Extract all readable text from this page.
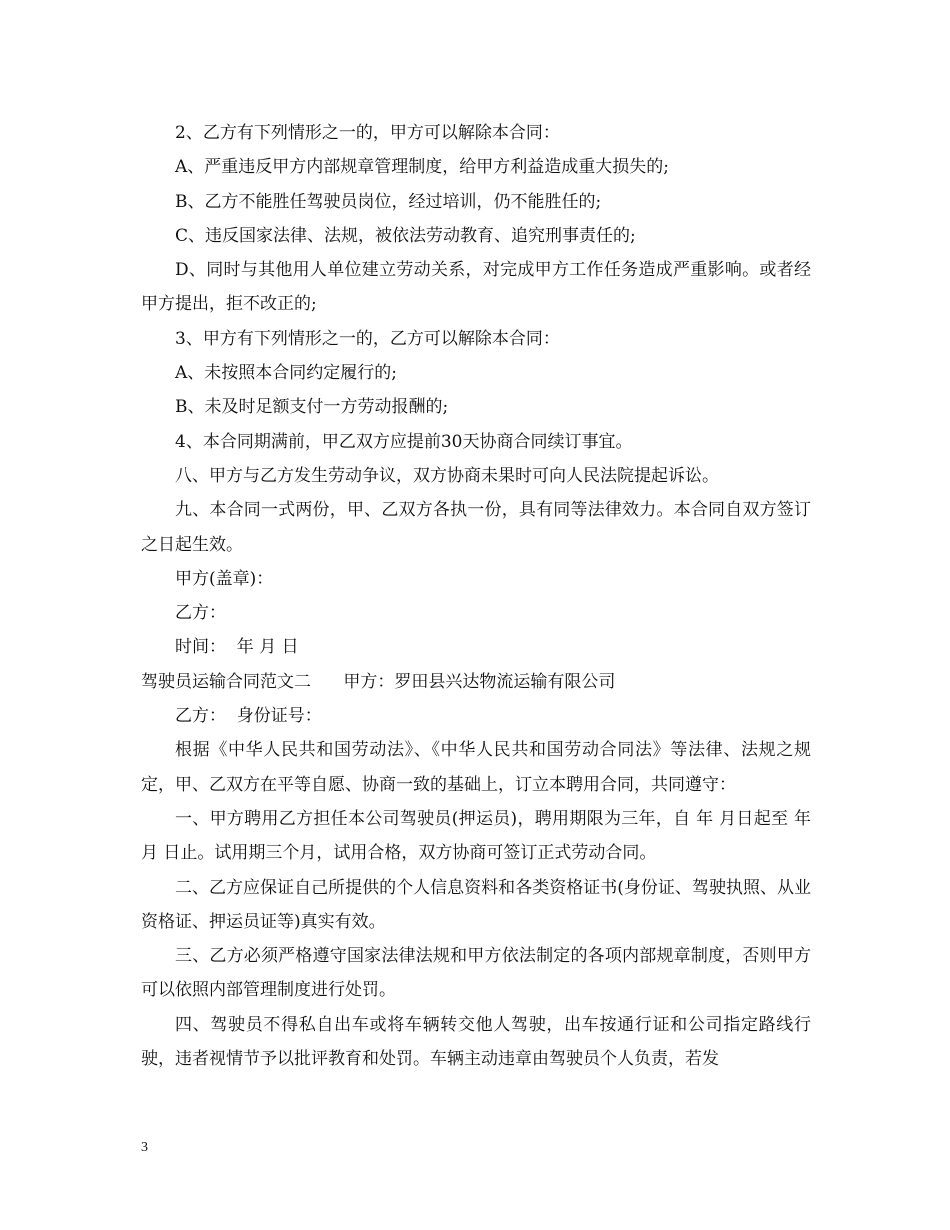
2、乙方有下列情形之一的，甲方可以解除本合同：

A、严重违反甲方内部规章管理制度，给甲方利益造成重大损失的;

B、乙方不能胜任驾驶员岗位，经过培训，仍不能胜任的;

C、违反国家法律、法规，被依法劳动教育、追究刑事责任的;

D、同时与其他用人单位建立劳动关系，对完成甲方工作任务造成严重影响。或者经甲方提出，拒不改正的;

3、甲方有下列情形之一的，乙方可以解除本合同：

A、未按照本合同约定履行的;

B、未及时足额支付一方劳动报酬的;

4、本合同期满前，甲乙双方应提前30天协商合同续订事宜。

八、甲方与乙方发生劳动争议，双方协商未果时可向人民法院提起诉讼。

九、本合同一式两份，甲、乙双方各执一份，具有同等法律效力。本合同自双方签订之日起生效。

甲方(盖章)：

乙方：

时间：  年 月 日

驾驶员运输合同范文二      甲方：罗田县兴达物流运输有限公司

乙方：  身份证号：

根据《中华人民共和国劳动法》、《中华人民共和国劳动合同法》等法律、法规之规定，甲、乙双方在平等自愿、协商一致的基础上，订立本聘用合同，共同遵守：

一、甲方聘用乙方担任本公司驾驶员(押运员)，聘用期限为三年，自 年 月日起至 年 月 日止。试用期三个月，试用合格，双方协商可签订正式劳动合同。

二、乙方应保证自己所提供的个人信息资料和各类资格证书(身份证、驾驶执照、从业资格证、押运员证等)真实有效。

三、乙方必须严格遵守国家法律法规和甲方依法制定的各项内部规章制度，否则甲方可以依照内部管理制度进行处罚。

四、驾驶员不得私自出车或将车辆转交他人驾驶，出车按通行证和公司指定路线行驶，违者视情节予以批评教育和处罚。车辆主动违章由驾驶员个人负责，若发

3
